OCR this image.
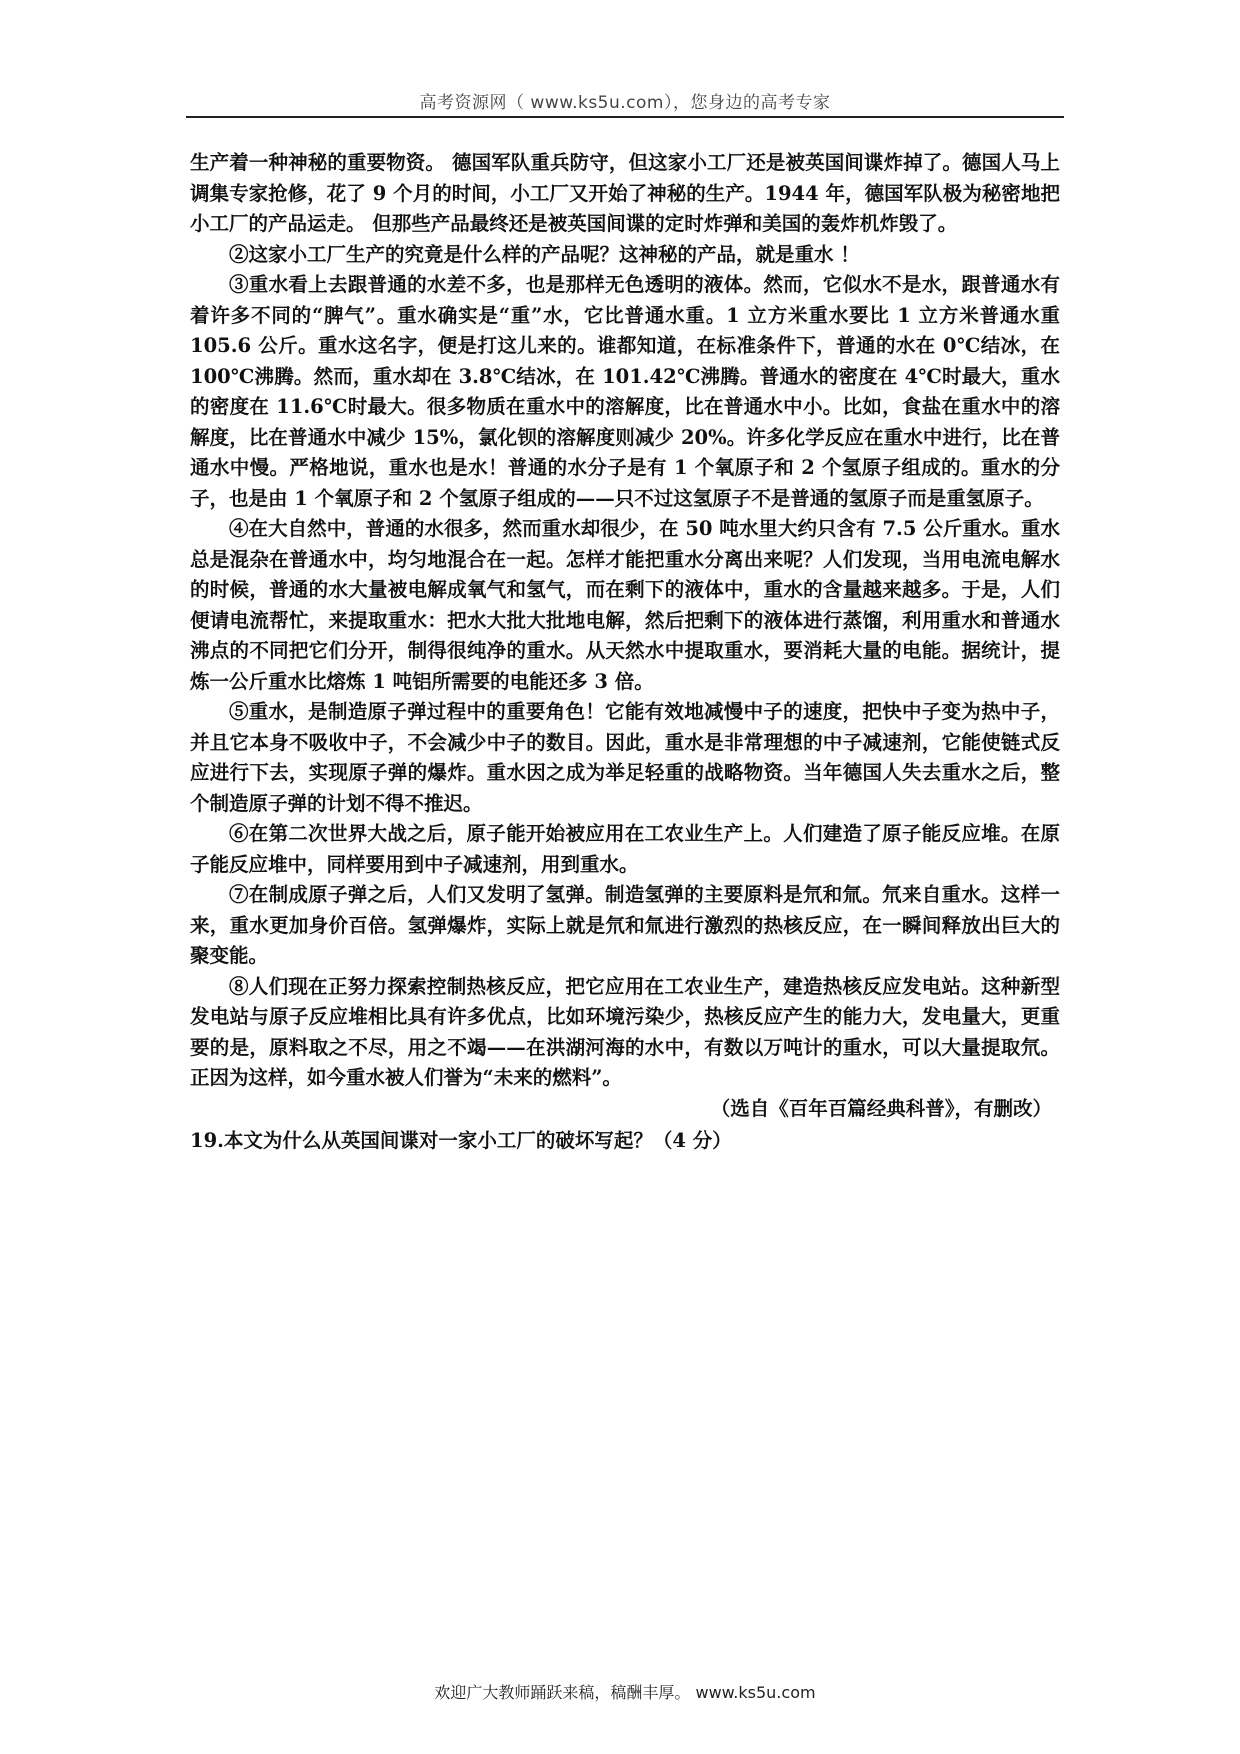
高考资源网（ www.ks5u.com），您身边的高考专家

生产着一种神秘的重要物资。 德国军队重兵防守，但这家小工厂还是被英国间谍炸掉了。德国人马上调集专家抢修，花了 9 个月的时间，小工厂又开始了神秘的生产。1944 年，德国军队极为秘密地把小工厂的产品运走。 但那些产品最终还是被英国间谍的定时炸弹和美国的轰炸机炸毁了。

②这家小工厂生产的究竟是什么样的产品呢？这神秘的产品，就是重水 ！

③重水看上去跟普通的水差不多，也是那样无色透明的液体。然而，它似水不是水，跟普通水有着许多不同的“脾气”。重水确实是“重”水，它比普通水重。1 立方米重水要比 1 立方米普通水重 105.6 公斤。重水这名字，便是打这儿来的。谁都知道，在标准条件下，普通的水在 0℃结冰，在 100℃沸腾。然而，重水却在 3.8℃结冰，在 101.42℃沸腾。普通水的密度在 4℃时最大，重水的密度在 11.6℃时最大。很多物质在重水中的溶解度，比在普通水中小。比如，食盐在重水中的溶解度，比在普通水中减少 15%，氯化钡的溶解度则减少 20%。许多化学反应在重水中进行，比在普通水中慢。严格地说，重水也是水！普通的水分子是有 1 个氧原子和 2 个氢原子组成的。重水的分子，也是由 1 个氧原子和 2 个氢原子组成的——只不过这氢原子不是普通的氢原子而是重氢原子。

④在大自然中，普通的水很多，然而重水却很少，在 50 吨水里大约只含有 7.5 公斤重水。重水总是混杂在普通水中，均匀地混合在一起。怎样才能把重水分离出来呢？人们发现，当用电流电解水的时候，普通的水大量被电解成氧气和氢气，而在剩下的液体中，重水的含量越来越多。于是，人们便请电流帮忙，来提取重水：把水大批大批地电解，然后把剩下的液体进行蒸馏，利用重水和普通水沸点的不同把它们分开，制得很纯净的重水。从天然水中提取重水，要消耗大量的电能。据统计，提炼一公斤重水比熔炼 1 吨铝所需要的电能还多 3 倍。

⑤重水，是制造原子弹过程中的重要角色！它能有效地减慢中子的速度，把快中子变为热中子，并且它本身不吸收中子，不会减少中子的数目。因此，重水是非常理想的中子减速剂，它能使链式反应进行下去，实现原子弹的爆炸。重水因之成为举足轻重的战略物资。当年德国人失去重水之后，整个制造原子弹的计划不得不推迟。

⑥在第二次世界大战之后，原子能开始被应用在工农业生产上。人们建造了原子能反应堆。在原子能反应堆中，同样要用到中子减速剂，用到重水。

⑦在制成原子弹之后，人们又发明了氢弹。制造氢弹的主要原料是氘和氚。氘来自重水。这样一来，重水更加身价百倍。氢弹爆炸，实际上就是氘和氚进行激烈的热核反应，在一瞬间释放出巨大的聚变能。

⑧人们现在正努力探索控制热核反应，把它应用在工农业生产，建造热核反应发电站。这种新型发电站与原子反应堆相比具有许多优点，比如环境污染少，热核反应产生的能力大，发电量大，更重要的是，原料取之不尽，用之不竭——在洪湖河海的水中，有数以万吨计的重水，可以大量提取氘。正因为这样，如今重水被人们誉为“未来的燃料”。

（选自《百年百篇经典科普》，有删改）

19.本文为什么从英国间谍对一家小工厂的破坏写起？（4 分）

欢迎广大教师踊跃来稿，稿酬丰厚。 www.ks5u.com
